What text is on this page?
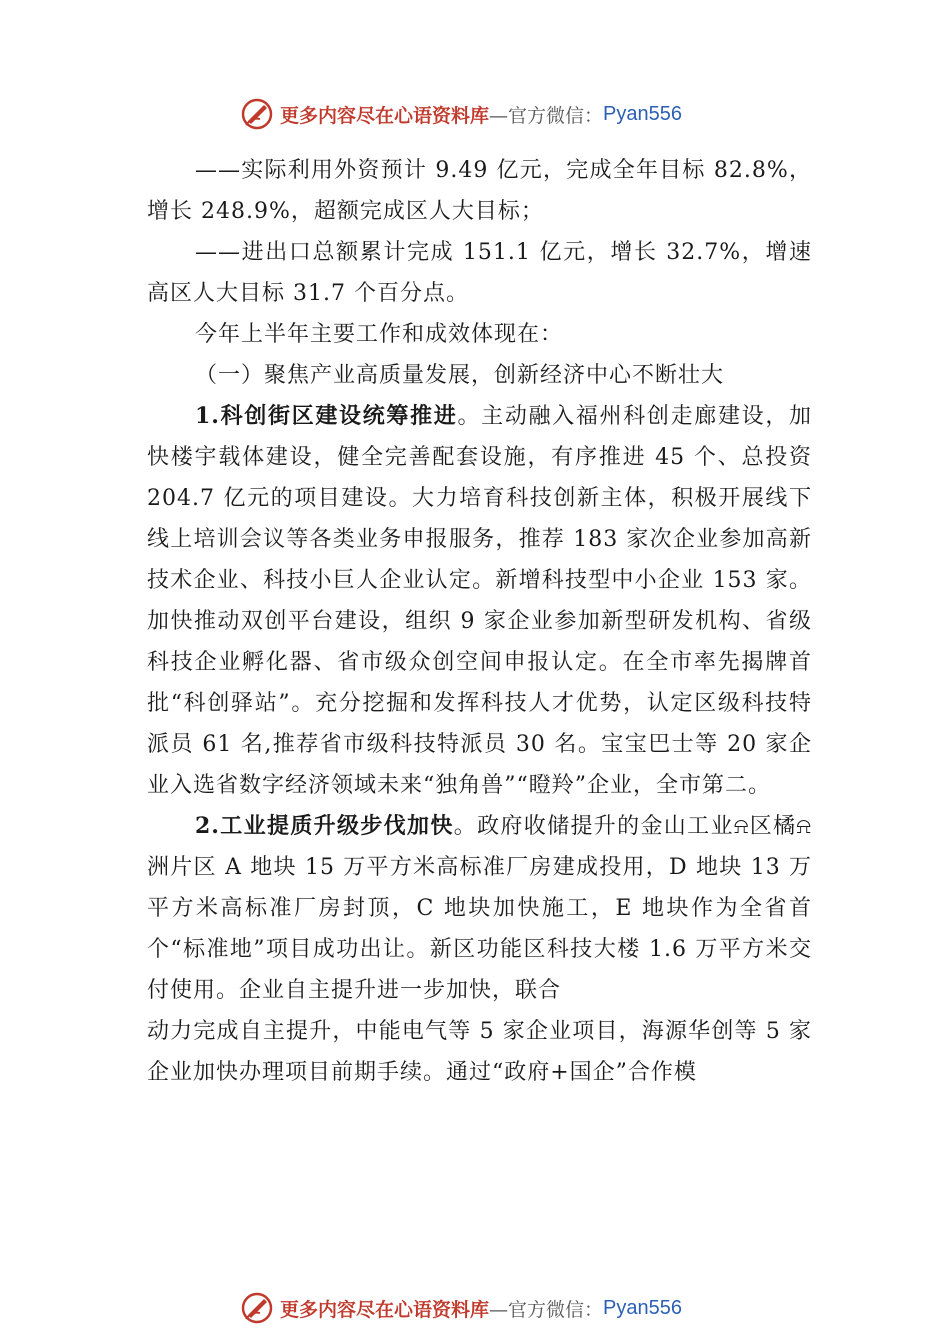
更多内容尽在心语资料库 —官方微信： Pyan556

——实际利用外资预计 9.49 亿元，完成全年目标 82.8%， 增长 248.9%，超额完成区人大目标；

——进出口总额累计完成 151.1 亿元，增长 32.7%，增速高区人大目标 31.7 个百分点。

今年上半年主要工作和成效体现在：

（一）聚焦产业高质量发展，创新经济中心不断壮大

1.科创街区建设统筹推进。主动融入福州科创走廊建设，加快楼宇载体建设，健全完善配套设施，有序推进 45 个、总投资 204.7 亿元的项目建设。大力培育科技创新主体，积极开展线下线上培训会议等各类业务申报服务，推荐 183 家次企业参加高新技术企业、科技小巨人企业认定。新增科技型中小企业 153 家。加快推动双创平台建设，组织 9 家企业参加新型研发机构、省级科技企业孵化器、省市级众创空间申报认定。在全市率先揭牌首批“科创驿站”。充分挖掘和发挥科技人才优势，认定区级科技特派员 61 名,推荐省市级科技特派员 30 名。宝宝巴士等 20 家企业入选省数字经济领域未来“独角兽”“瞪羚”企业，全市第二。

2.工业提质升级步伐加快。政府收储提升的金山工业⍾区橘⍾洲片区 A 地块 15 万平方米高标准厂房建成投用，D 地块 13 万平方米高标准厂房封顶，C 地块加快施工，E 地块作为全省首个“标准地”项目成功出让。新区功能区科技大楼 1.6 万平方米交付使用。企业自主提升进一步加快，联合

动力完成自主提升，中能电气等 5 家企业项目，海源华创等 5 家企业加快办理项目前期手续。通过“政府+国企”合作模

更多内容尽在心语资料库 —官方微信： Pyan556
